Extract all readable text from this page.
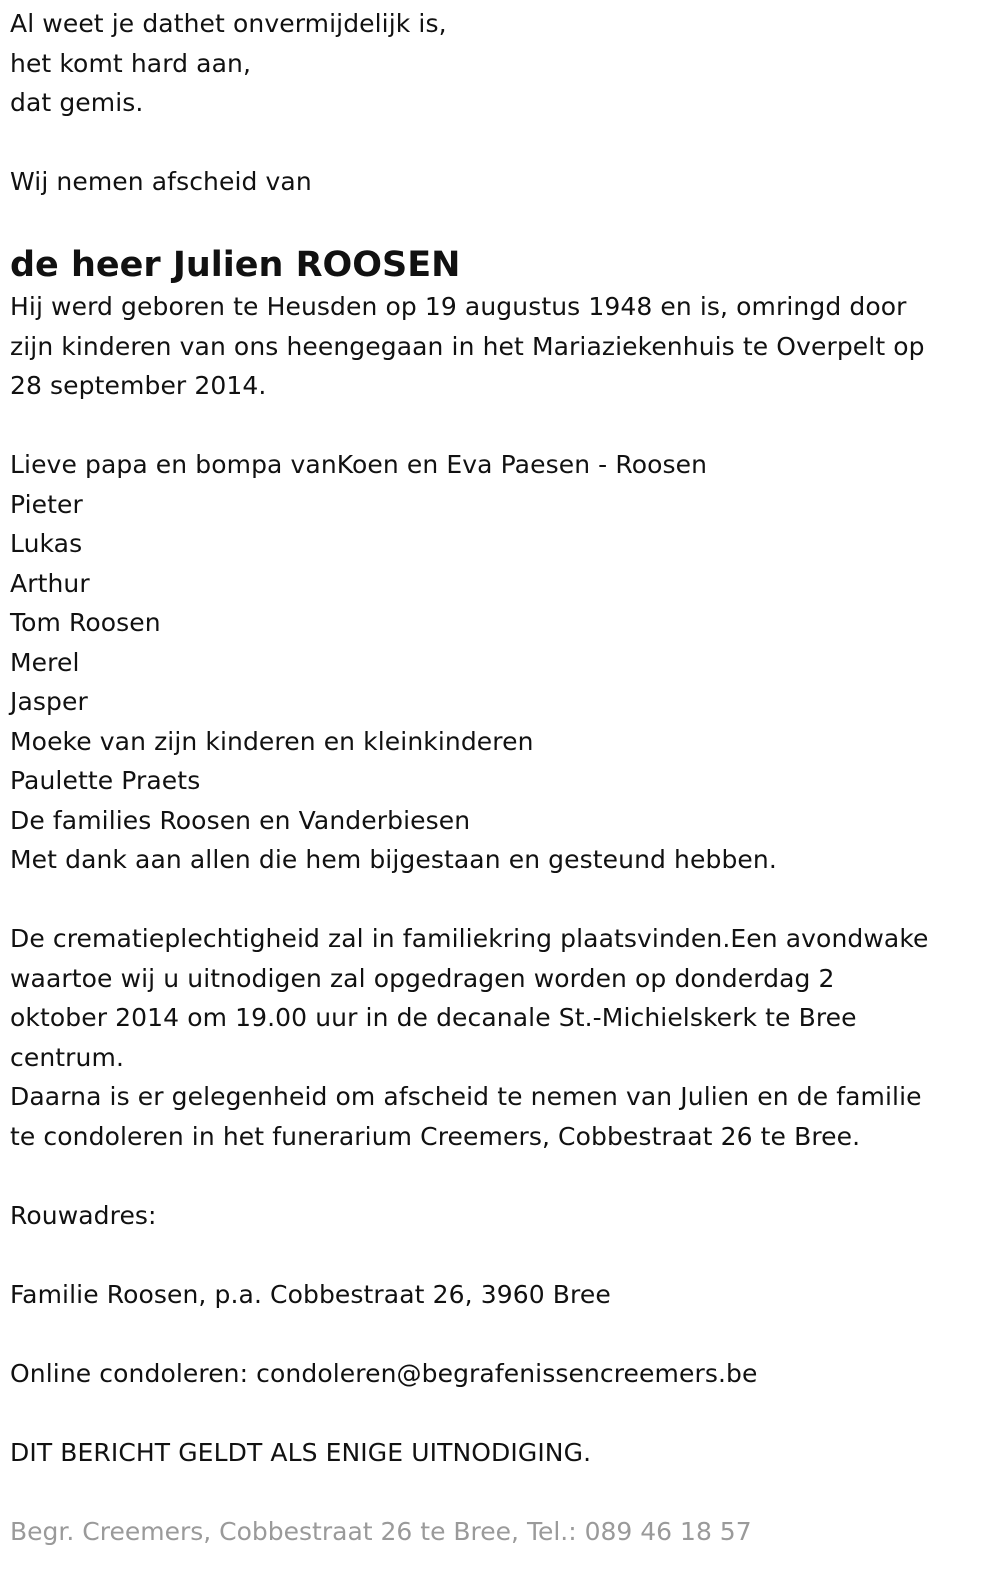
Al weet je dathet onvermijdelijk is,
het komt hard aan,
dat gemis.
Wij nemen afscheid van
de heer Julien ROOSEN
Hij werd geboren te Heusden op 19 augustus 1948 en is, omringd door
zijn kinderen van ons heengegaan in het Mariaziekenhuis te Overpelt op
28 september 2014.
Lieve papa en bompa vanKoen en Eva Paesen - Roosen
Pieter
Lukas
Arthur
Tom Roosen
Merel
Jasper
Moeke van zijn kinderen en kleinkinderen
Paulette Praets
De families Roosen en Vanderbiesen
Met dank aan allen die hem bijgestaan en gesteund hebben.
De crematieplechtigheid zal in familiekring plaatsvinden.Een avondwake
waartoe wij u uitnodigen zal opgedragen worden op donderdag 2
oktober 2014 om 19.00 uur in de decanale St.-Michielskerk te Bree
centrum.
Daarna is er gelegenheid om afscheid te nemen van Julien en de familie
te condoleren in het funerarium Creemers, Cobbestraat 26 te Bree.
Rouwadres:
Familie Roosen, p.a. Cobbestraat 26, 3960 Bree
Online condoleren: condoleren@begrafenissencreemers.be
DIT BERICHT GELDT ALS ENIGE UITNODIGING.
Begr. Creemers, Cobbestraat 26 te Bree, Tel.: 089 46 18 57
